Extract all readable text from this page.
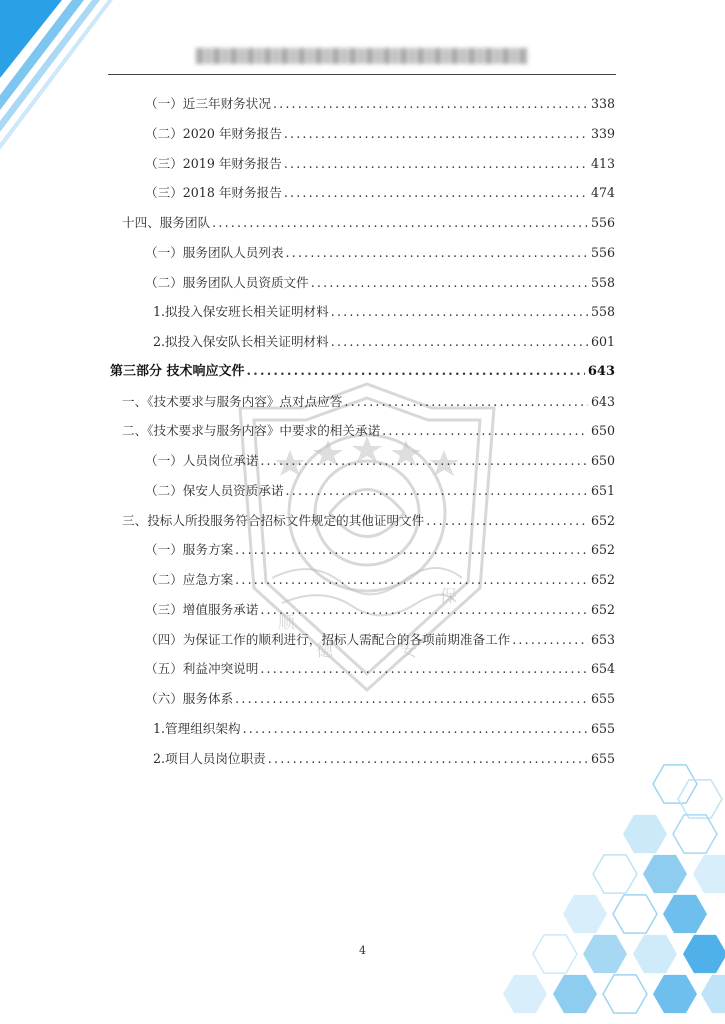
顺
德
保
安
（一）近三年财务状况 .....	338
（二）2020 年财务报告 .....	339
（三）2019 年财务报告 .....	413
（三）2018 年财务报告 .....	474
十四、服务团队 .....	556
（一）服务团队人员列表 .....	556
（二）服务团队人员资质文件 .....	558
1.拟投入保安班长相关证明材料 .....	558
2.拟投入保安队长相关证明材料 .....	601
第三部分 技术响应文件 .....	643
一、《技术要求与服务内容》点对点应答 .....	643
二、《技术要求与服务内容》中要求的相关承诺 .....	650
（一）人员岗位承诺 .....	650
（二）保安人员资质承诺 .....	651
三、投标人所投服务符合招标文件规定的其他证明文件 .....	652
（一）服务方案 .....	652
（二）应急方案 .....	652
（三）增值服务承诺 .....	652
（四）为保证工作的顺利进行，招标人需配合的各项前期准备工作 .....	653
（五）利益冲突说明 .....	654
（六）服务体系 .....	655
1.管理组织架构 .....	655
2.项目人员岗位职责 .....	655
4
